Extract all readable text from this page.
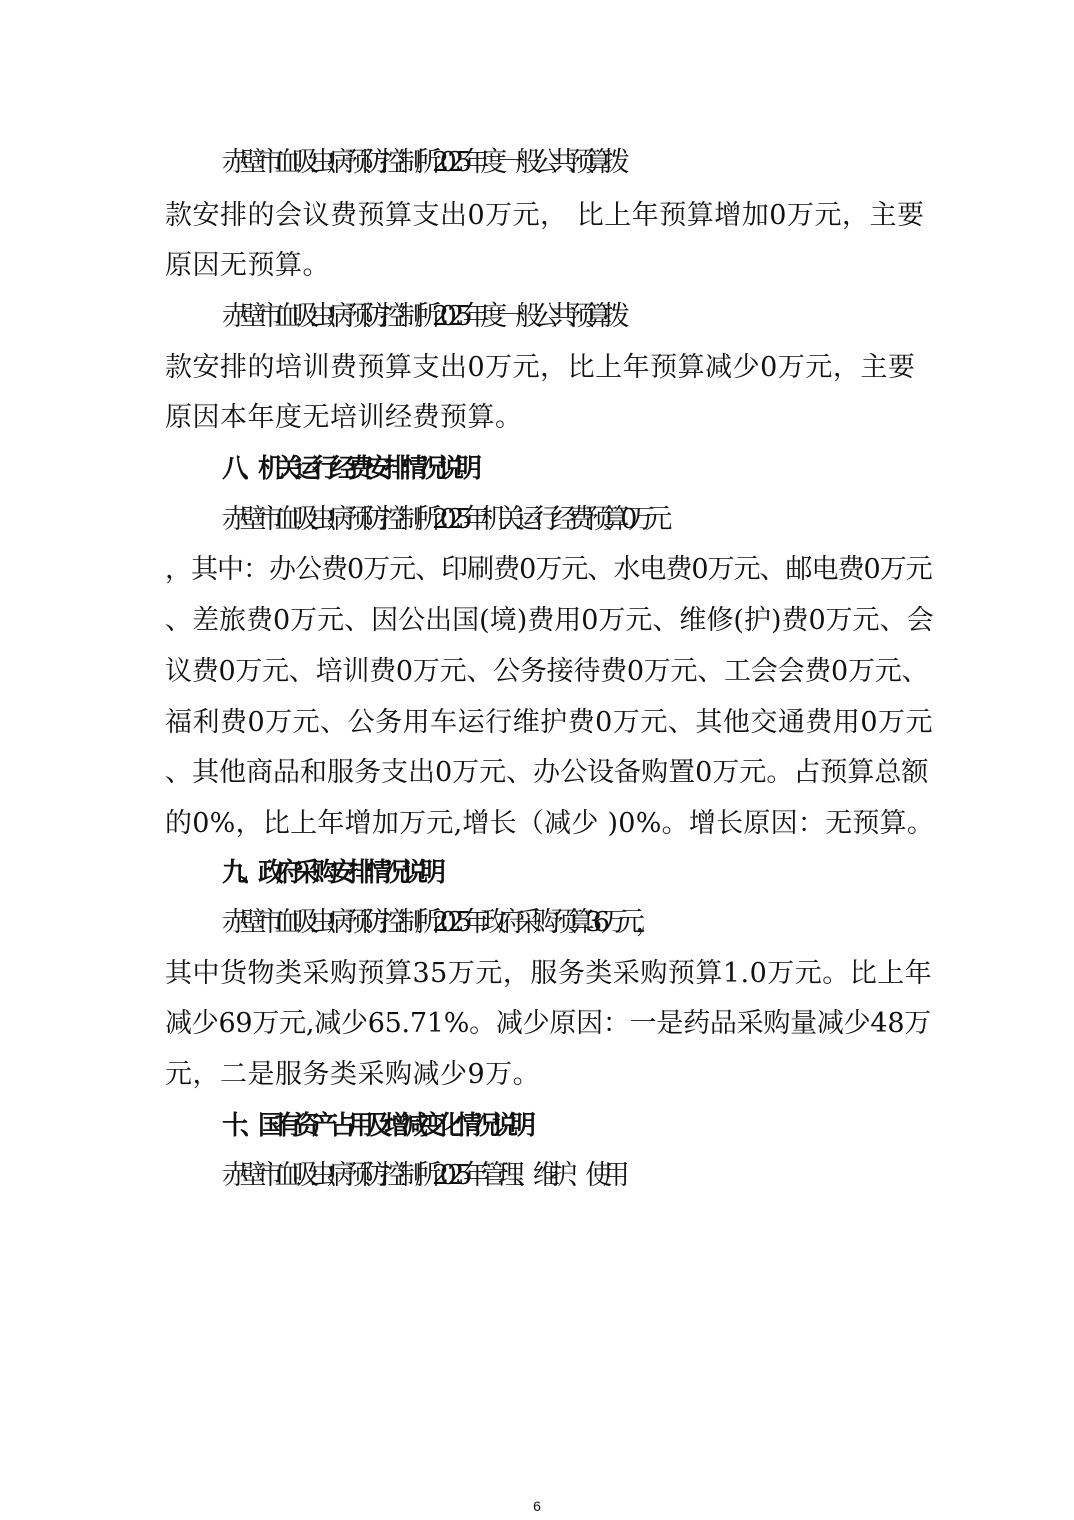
赤壁市血吸虫病预防控制所2025年度一般公共预算拨
款安排的会议费预算支出0万元， 比上年预算增加0万元，主要
原因无预算。
赤壁市血吸虫病预防控制所2025年度一般公共预算拨
款安排的培训费预算支出0万元，比上年预算减少0万元，主要
原因本年度无培训经费预算。
八、机关运行经费安排情况说明
赤壁市血吸虫病预防控制所2025年机关运行经费预算0万元
，其中：办公费0万元、印刷费0万元、水电费0万元、邮电费0万元
、差旅费0万元、因公出国(境)费用0万元、维修(护)费0万元、会
议费0万元、培训费0万元、公务接待费0万元、工会会费0万元、
福利费0万元、公务用车运行维护费0万元、其他交通费用0万元
、其他商品和服务支出0万元、办公设备购置0万元。占预算总额
的0%，比上年增加万元,增长（减少 )0%。增长原因：无预算。
九、政府采购安排情况说明
赤壁市血吸虫病预防控制所2025年政府采购预算36万元，
其中货物类采购预算35万元，服务类采购预算1.0万元。比上年
减少69万元,减少65.71%。减少原因：一是药品采购量减少48万
元，二是服务类采购减少9万。
十、国有资产占用及增减变化情况说明
赤壁市血吸虫病预防控制所2025年管理、维护、使用
6
